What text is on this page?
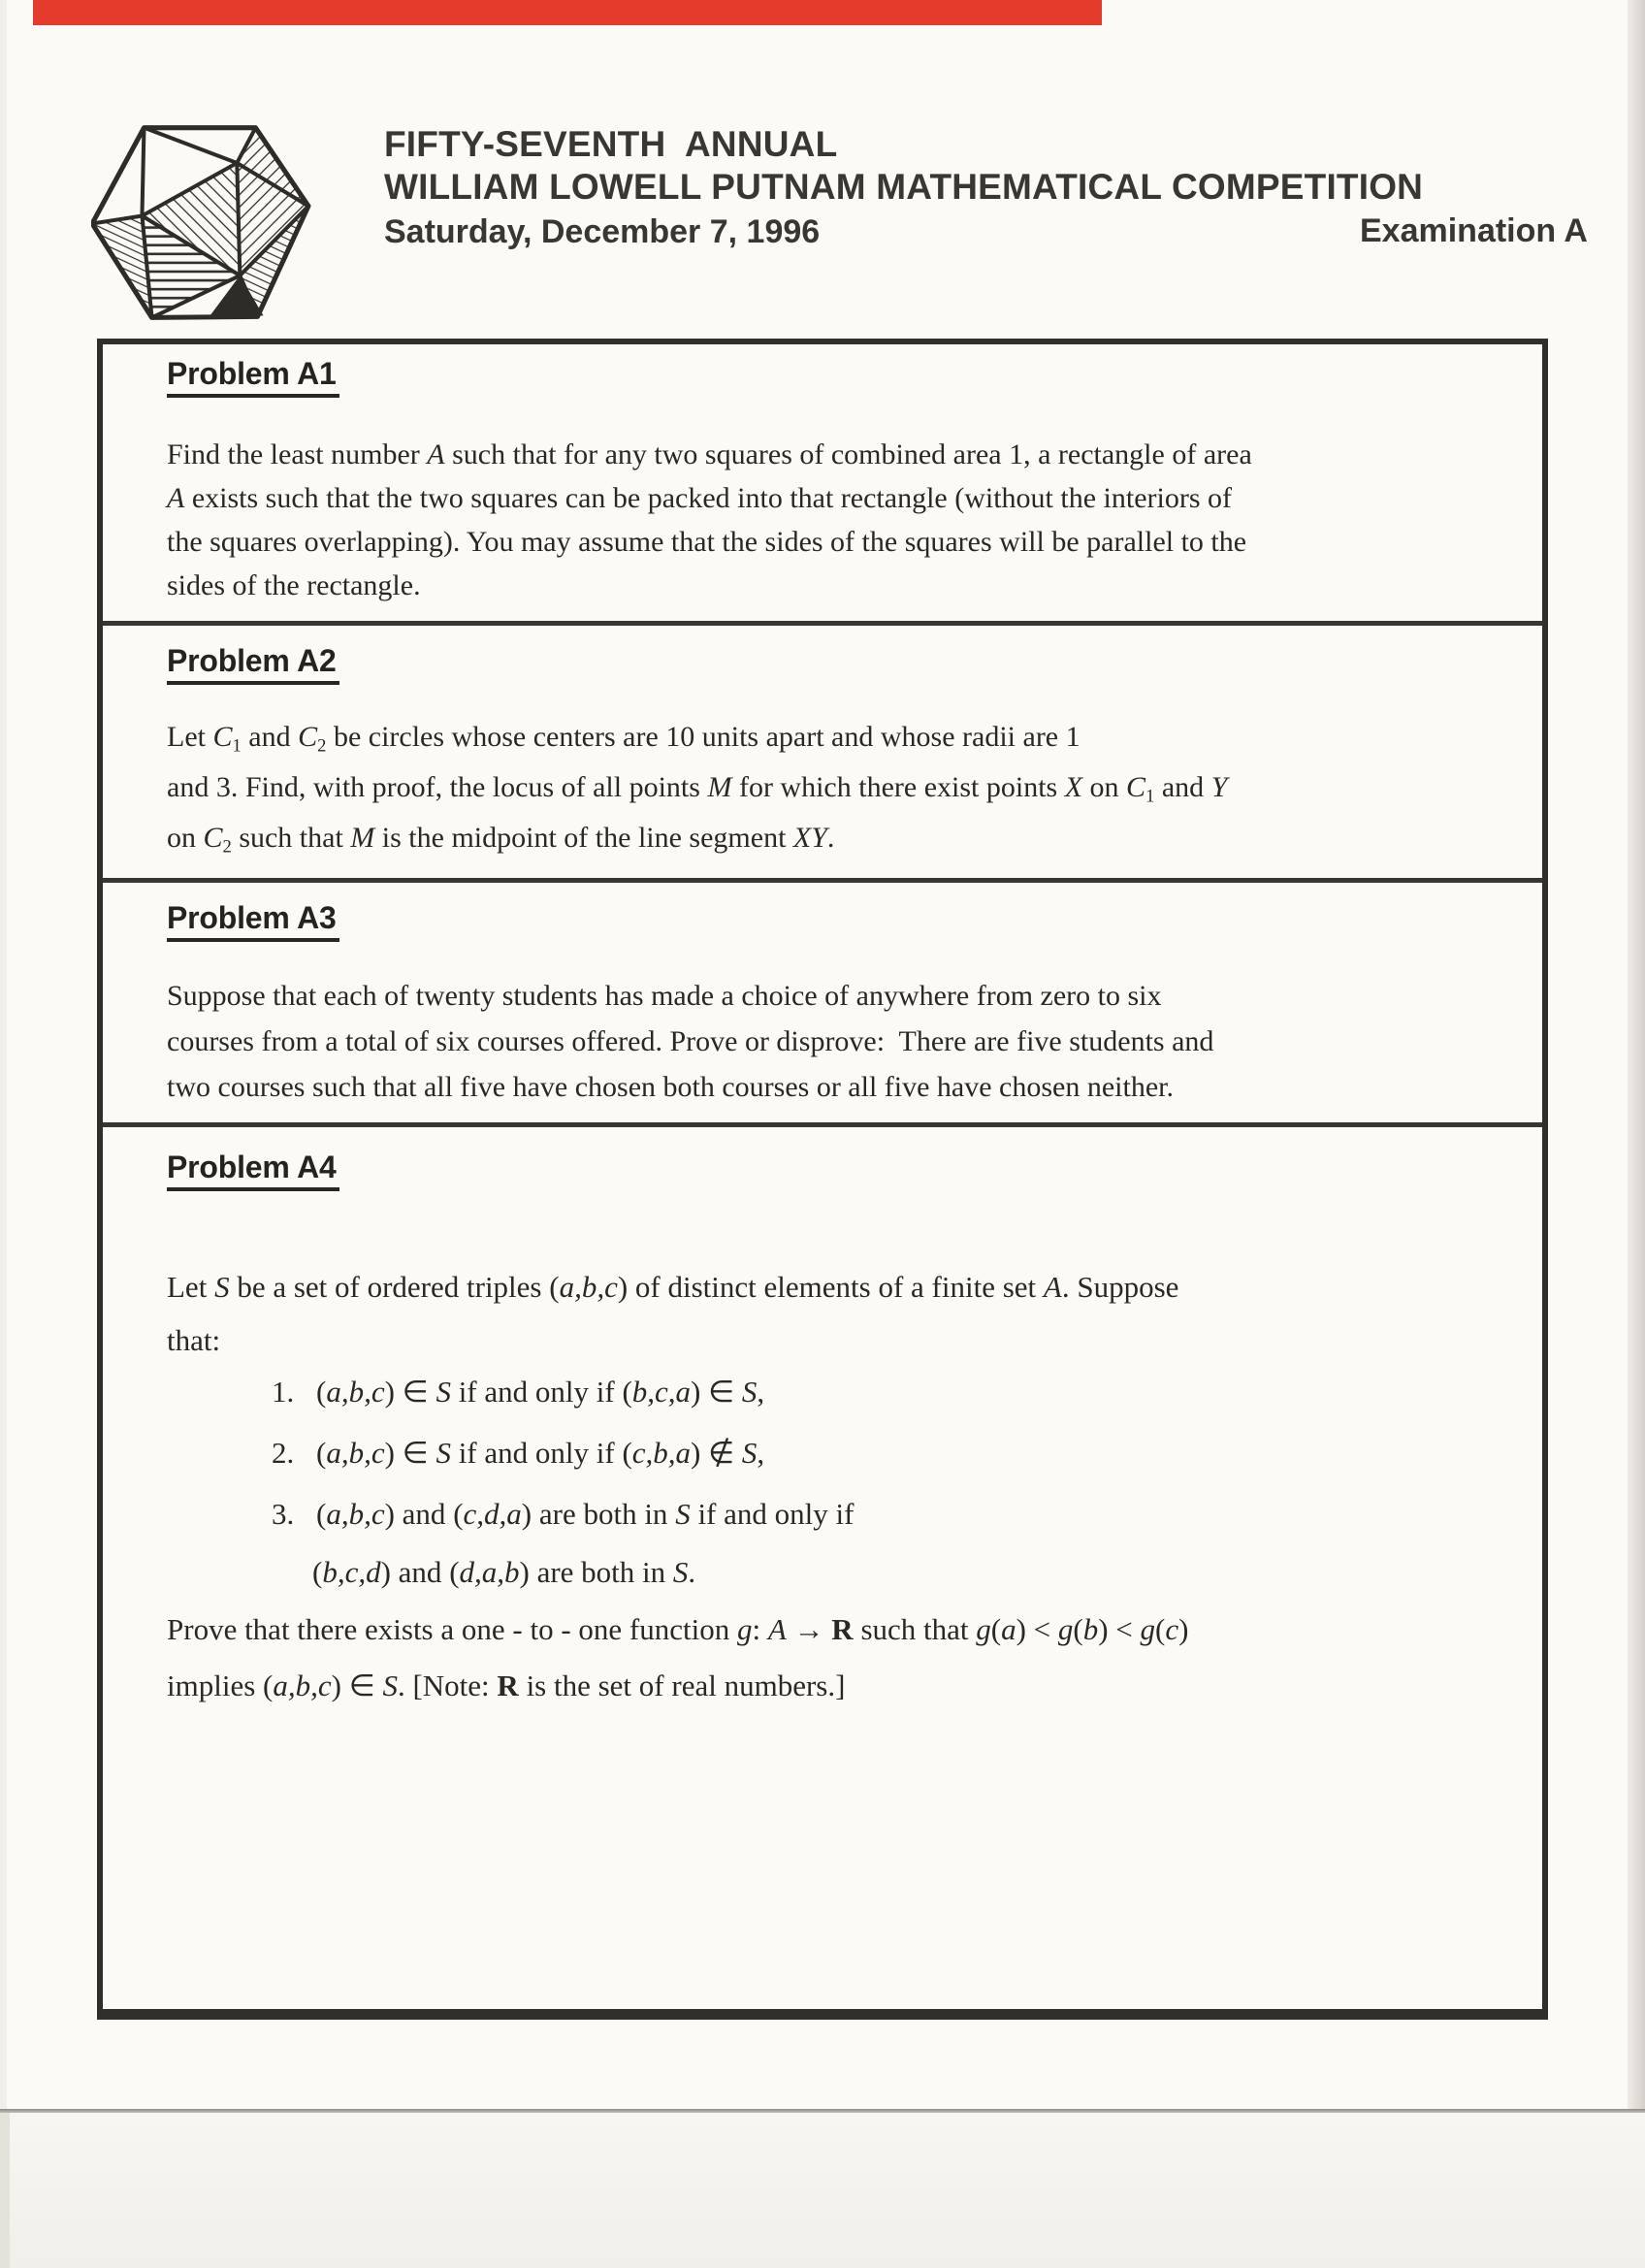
FIFTY-SEVENTH  ANNUAL
WILLIAM LOWELL PUTNAM MATHEMATICAL COMPETITION
Saturday, December 7, 1996	Examination A
Problem A1
Problem A2
Problem A3
Problem A4
Find the least number A such that for any two squares of combined area 1, a rectangle of area
A exists such that the two squares can be packed into that rectangle (without the interiors of
the squares overlapping). You may assume that the sides of the squares will be parallel to the
sides of the rectangle.
Let C1 and C2 be circles whose centers are 10 units apart and whose radii are 1
and 3. Find, with proof, the locus of all points M for which there exist points X on C1 and Y
on C2 such that M is the midpoint of the line segment XY.
Suppose that each of twenty students has made a choice of anywhere from zero to six
courses from a total of six courses offered. Prove or disprove:  There are five students and
two courses such that all five have chosen both courses or all five have chosen neither.
Let S be a set of ordered triples (a,b,c) of distinct elements of a finite set A. Suppose
that:
1. (a,b,c) ∈ S if and only if (b,c,a) ∈ S,
2. (a,b,c) ∈ S if and only if (c,b,a) ∉ S,
3. (a,b,c) and (c,d,a) are both in S if and only if
(b,c,d) and (d,a,b) are both in S.
Prove that there exists a one - to - one function g: A → R such that g(a) < g(b) < g(c)
implies (a,b,c) ∈ S. [Note: R is the set of real numbers.]
